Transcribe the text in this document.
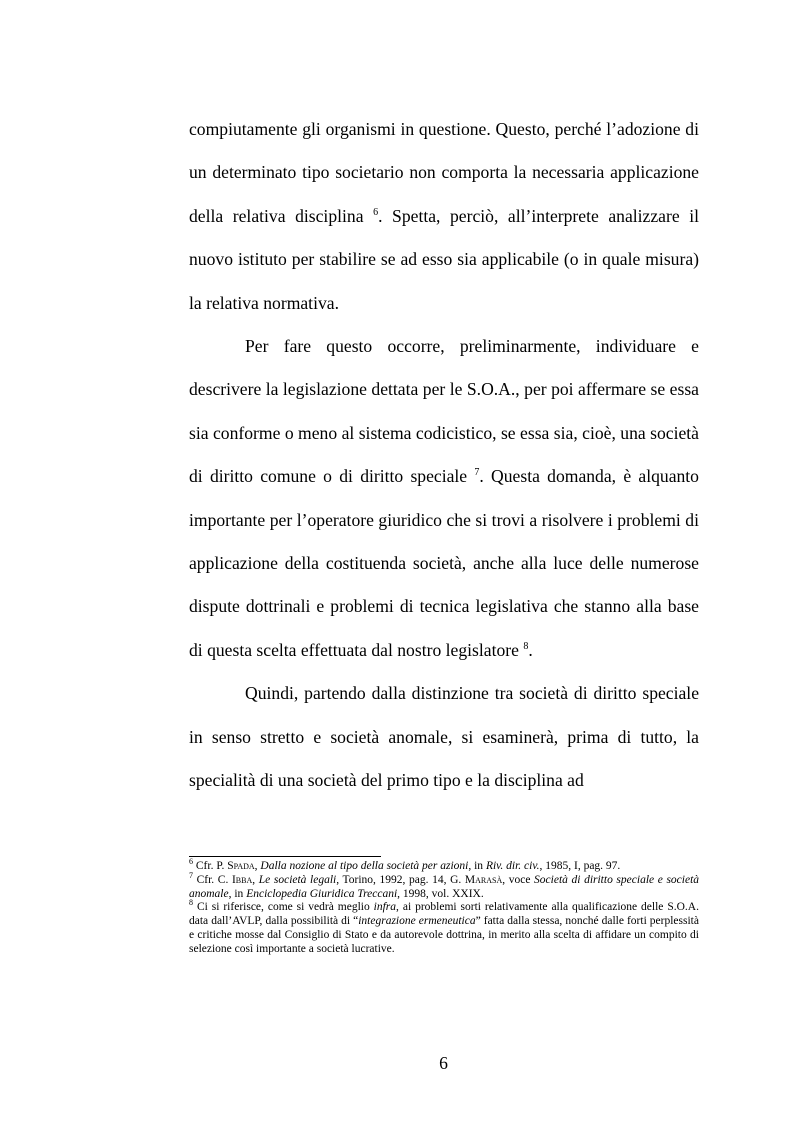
compiutamente gli organismi in questione. Questo, perché l’adozione di un determinato tipo societario non comporta la necessaria applicazione della relativa disciplina $^6$. Spetta, perciò, all’interprete analizzare il nuovo istituto per stabilire se ad esso sia applicabile (o in quale misura) la relativa normativa.

Per fare questo occorre, preliminarmente, individuare e descrivere la legislazione dettata per le S.O.A., per poi affermare se essa sia conforme o meno al sistema codicistico, se essa sia, cioè, una società di diritto comune o di diritto speciale $^7$. Questa domanda, è alquanto importante per l’operatore giuridico che si trovi a risolvere i problemi di applicazione della costituenda società, anche alla luce delle numerose dispute dottrinali e problemi di tecnica legislativa che stanno alla base di questa scelta effettuata dal nostro legislatore $^8$.

Quindi, partendo dalla distinzione tra società di diritto speciale in senso stretto e società anomale, si esaminerà, prima di tutto, la specialità di una società del primo tipo e la disciplina ad

$^6$ Cfr. P. Spada, Dalla nozione al tipo della società per azioni, in Riv. dir. civ., 1985, I, pag. 97.

$^7$ Cfr. C. Ibba, Le società legali, Torino, 1992, pag. 14, G. Marasà, voce Società di diritto speciale e società anomale, in Enciclopedia Giuridica Treccani, 1998, vol. XXIX.

$^8$ Ci si riferisce, come si vedrà meglio infra, ai problemi sorti relativamente alla qualificazione delle S.O.A. data dall’AVLP, dalla possibilità di “integrazione ermeneutica” fatta dalla stessa, nonché dalle forti perplessità e critiche mosse dal Consiglio di Stato e da autorevole dottrina, in merito alla scelta di affidare un compito di selezione così importante a società lucrative.

6
